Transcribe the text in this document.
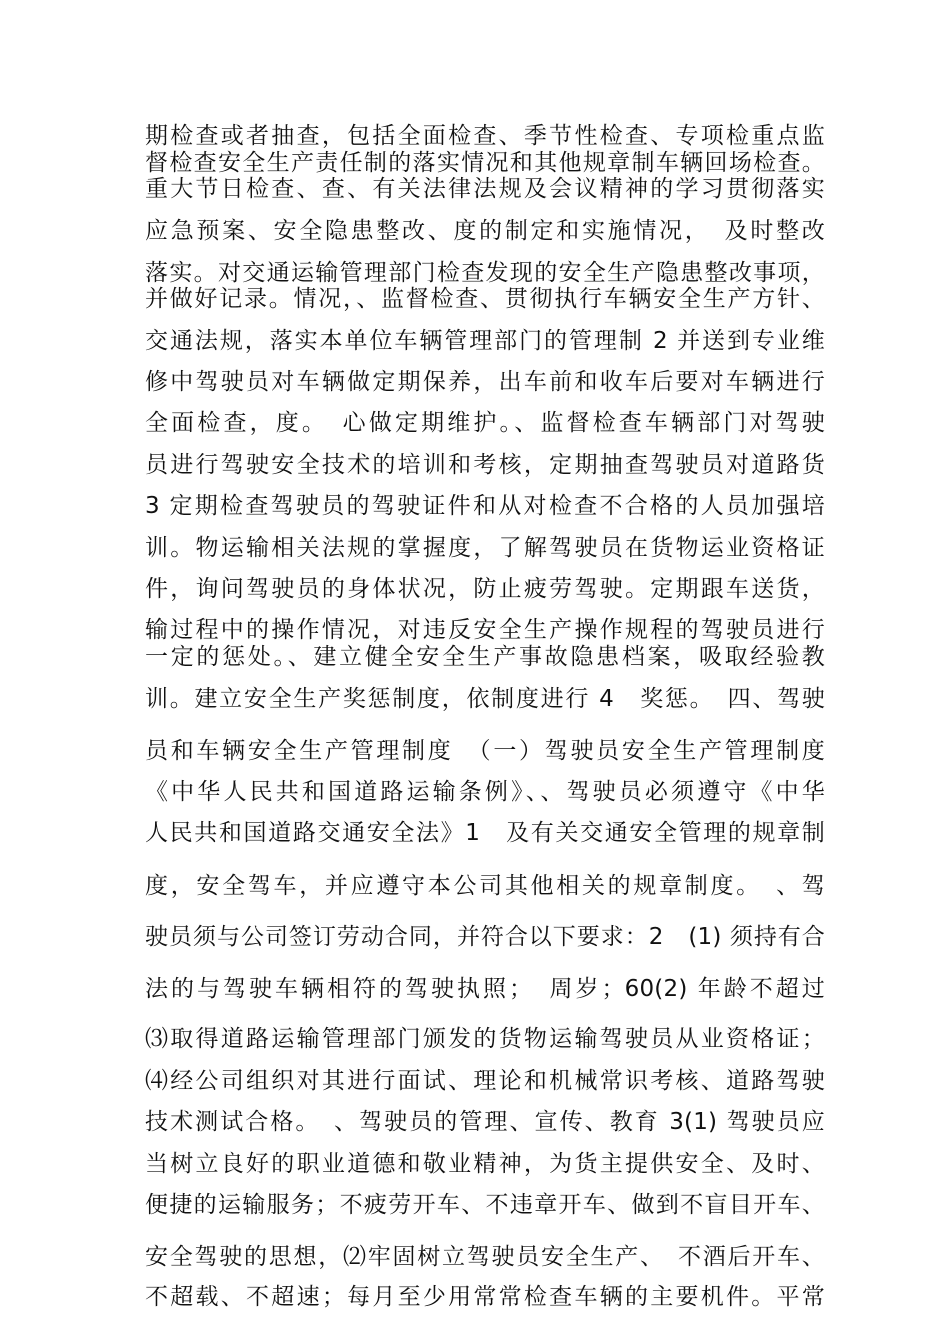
期检查或者抽查，包括全面检查、季节性检查、专项检重点监
督检查安全生产责任制的落实情况和其他规章制车辆回场检查。
重大节日检查、查、有关法律法规及会议精神的学习贯彻落实
应急预案、安全隐患整改、度的制定和实施情况，　及时整改
落实。对交通运输管理部门检查发现的安全生产隐患整改事项，
并做好记录。情况，、监督检查、贯彻执行车辆安全生产方针、
交通法规，落实本单位车辆管理部门的管理制 2 并送到专业维
修中驾驶员对车辆做定期保养，出车前和收车后要对车辆进行
全面检查，度。　心做定期维护。、监督检查车辆部门对驾驶
员进行驾驶安全技术的培训和考核，定期抽查驾驶员对道路货
3 定期检查驾驶员的驾驶证件和从对检查不合格的人员加强培
训。物运输相关法规的掌握度，了解驾驶员在货物运业资格证
件，询问驾驶员的身体状况，防止疲劳驾驶。定期跟车送货，
输过程中的操作情况，对违反安全生产操作规程的驾驶员进行
一定的惩处。、建立健全安全生产事故隐患档案，吸取经验教
训。建立安全生产奖惩制度，依制度进行 4　奖惩。　四、驾驶
员和车辆安全生产管理制度　（一）驾驶员安全生产管理制度
《中华人民共和国道路运输条例》、、驾驶员必须遵守《中华
人民共和国道路交通安全法》1　及有关交通安全管理的规章制
度，安全驾车，并应遵守本公司其他相关的规章制度。　、驾
驶员须与公司签订劳动合同，并符合以下要求：2　(1) 须持有合
法的与驾驶车辆相符的驾驶执照；　周岁；60(2) 年龄不超过
⑶取得道路运输管理部门颁发的货物运输驾驶员从业资格证；
⑷经公司组织对其进行面试、理论和机械常识考核、道路驾驶
技术测试合格。　、驾驶员的管理、宣传、教育 3(1) 驾驶员应
当树立良好的职业道德和敬业精神，为货主提供安全、及时、
便捷的运输服务；不疲劳开车、不违章开车、做到不盲目开车、
安全驾驶的思想，⑵牢固树立驾驶员安全生产、　不酒后开车、
不超载、不超速；每月至少用常常检查车辆的主要机件。平常
